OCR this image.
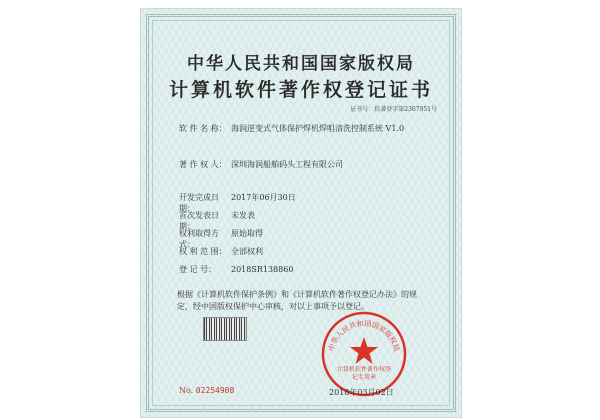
中华人民共和国国家版权局
计算机软件著作权登记证书
证书号：软著登字第2307951号
软 件 名 称： 海润逆变式气体保护焊机焊咀清洗控制系统 V1.0
著 作 权 人： 深圳海润船舶码头工程有限公司
开发完成日期：2017年06月30日
首次发表日期：未发表
权利取得方式：原始取得
权 利 范 围： 全部权利
登 记 号： 2018SR138860
根据《计算机软件保护条例》和《计算机软件著作权登记办法》的规定，经中国版权保护中心审核，对以上事项予以登记。
No. 02254908
中华人民共和国国家版权局
计算机软件著作权登记专用章
2018年03月02日
